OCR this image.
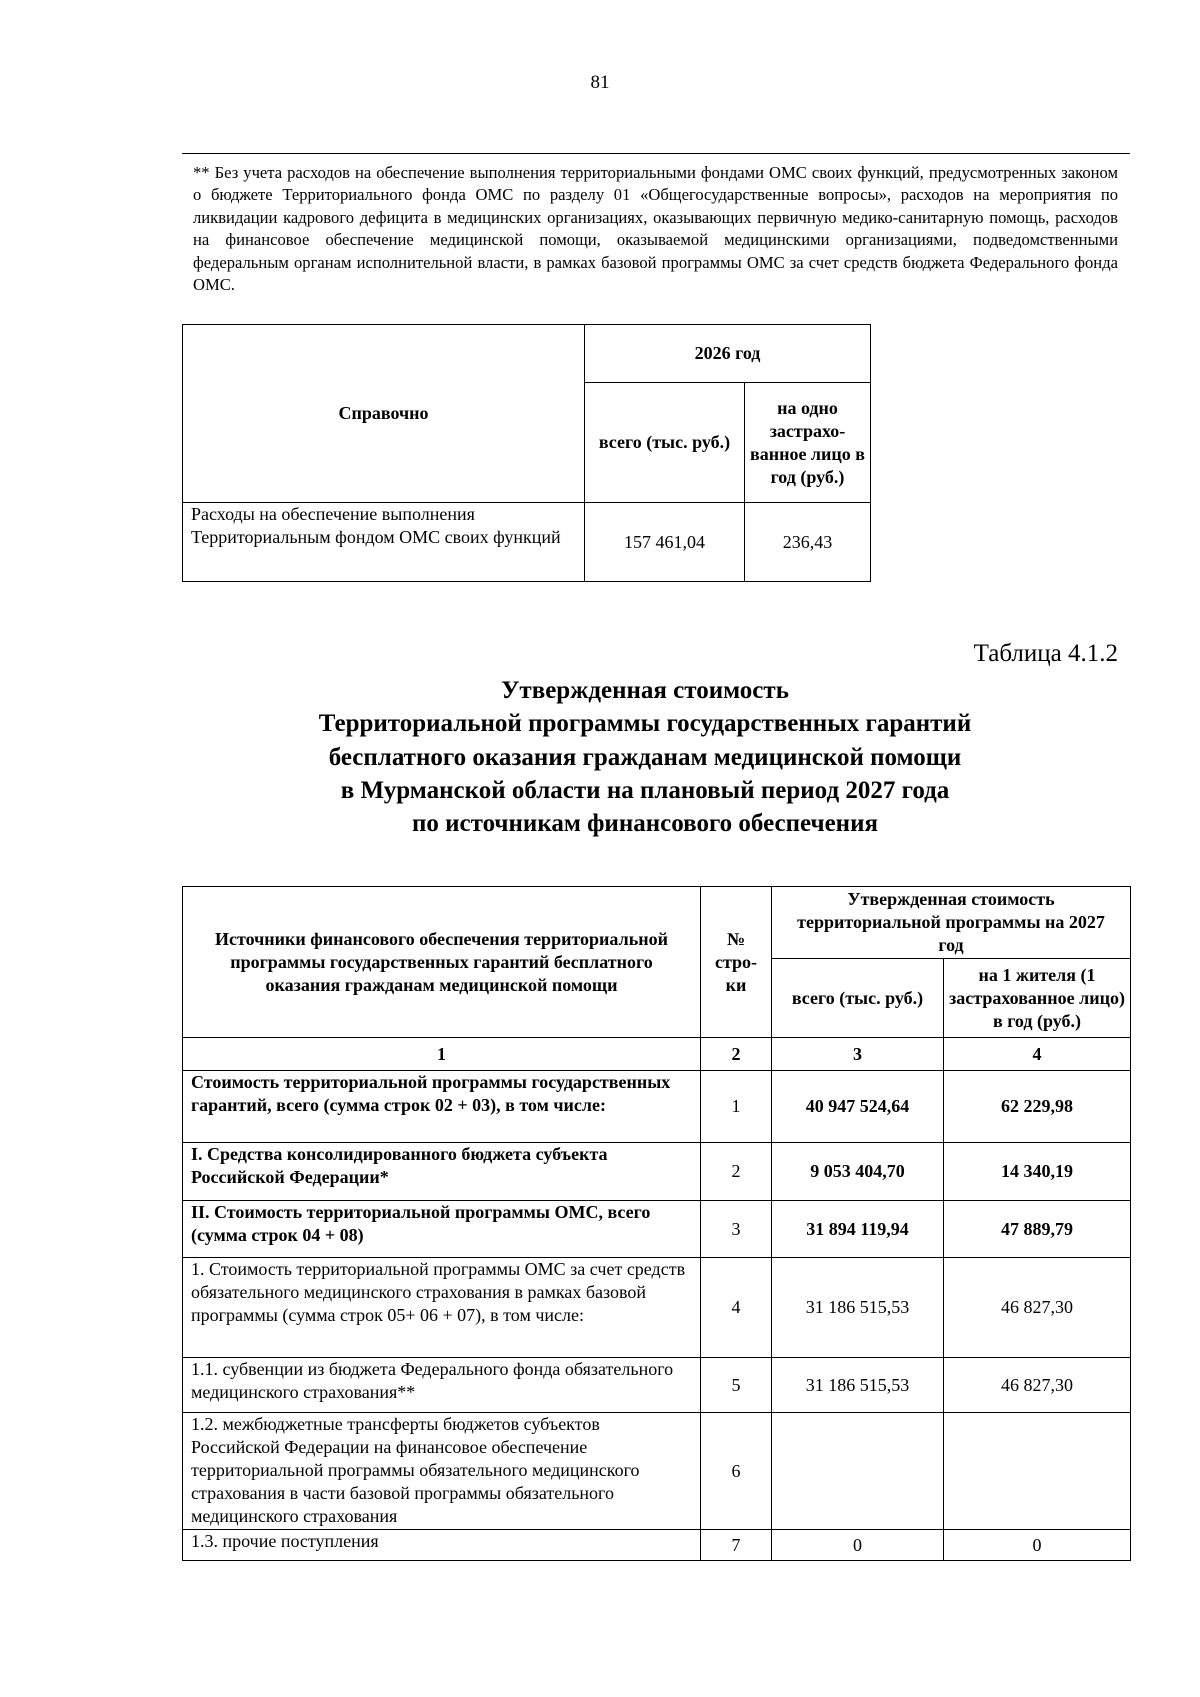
81

** Без учета расходов на обеспечение выполнения территориальными фондами ОМС своих функций, предусмотренных законом о бюджете Территориального фонда ОМС по разделу 01 «Общегосударственные вопросы», расходов на мероприятия по ликвидации кадрового дефицита в медицинских организациях, оказывающих первичную медико-санитарную помощь, расходов на финансовое обеспечение медицинской помощи, оказываемой медицинскими организациями, подведомственными федеральным органам исполнительной власти, в рамках базовой программы ОМС за счет средств бюджета Федерального фонда ОМС.

Справочно	2026 год	
	всего (тыс. руб.)	на одно застрахо-ванное лицо в год (руб.)
Расходы на обеспечение выполнения Территориальным фондом ОМС своих функций	157 461,04	236,43
Таблица 4.1.2
Утвержденная стоимость
Территориальной программы государственных гарантий
бесплатного оказания гражданам медицинской помощи
в Мурманской области на плановый период 2027 года
по источникам финансового обеспечения
Источники финансового обеспечения территориальной программы государственных гарантий бесплатного оказания гражданам медицинской помощи	№ стро-ки	Утвержденная стоимость территориальной программы на 2027 год	
		всего (тыс. руб.)	на 1 жителя (1 застрахованное лицо) в год (руб.)
1	2	3	4
Стоимость территориальной программы государственных гарантий, всего (сумма строк 02 + 03), в том числе:	1	40 947 524,64	62 229,98
I. Средства консолидированного бюджета субъекта Российской Федерации*	2	9 053 404,70	14 340,19
II. Стоимость территориальной программы ОМС, всего (сумма строк 04 + 08)	3	31 894 119,94	47 889,79
1. Стоимость территориальной программы ОМС за счет средств обязательного медицинского страхования в рамках базовой программы (сумма строк 05+ 06 + 07), в том числе:	4	31 186 515,53	46 827,30
1.1. субвенции из бюджета Федерального фонда обязательного медицинского страхования**	5	31 186 515,53	46 827,30
1.2. межбюджетные трансферты бюджетов субъектов Российской Федерации на финансовое обеспечение территориальной программы обязательного медицинского страхования в части базовой программы обязательного медицинского страхования	6		
1.3. прочие поступления	7	0	0
